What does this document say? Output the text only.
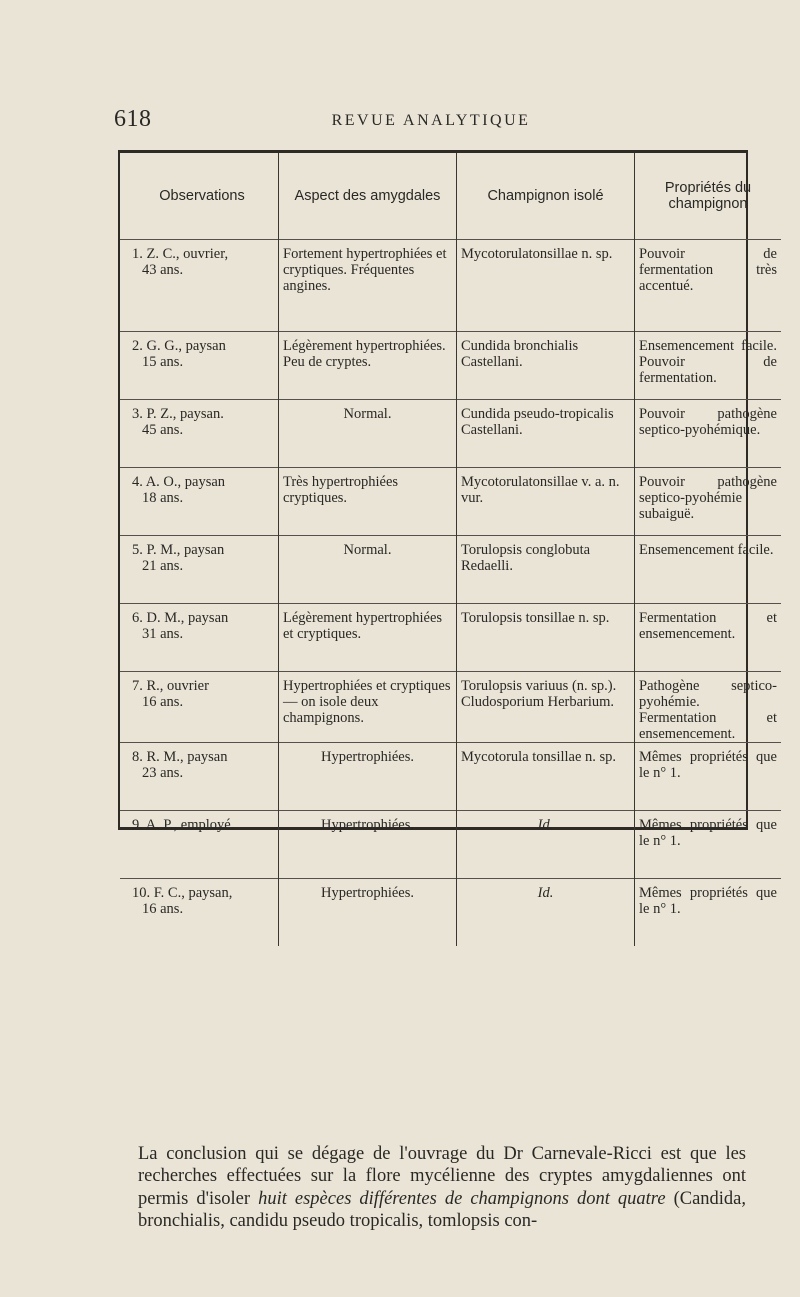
618	REVUE ANALYTIQUE
Observations	Aspect des amygdales	Champignon isolé	Propriétés du champignon
1. Z. C., ouvrier,
43 ans.	Fortement hypertrophiées et cryptiques. Fréquentes angines.	Mycotorulatonsillae n. sp.	Pouvoir de fermentation très accentué.
2. G. G., paysan
15 ans.	Légèrement hypertrophiées. Peu de cryptes.	Cundida bronchialis Castellani.	Ensemencement facile. Pouvoir de fermentation.
3. P. Z., paysan.
45 ans.	Normal.	Cundida pseudo-tropicalis Castellani.	Pouvoir pathogène septico-pyohémique.
4. A. O., paysan
18 ans.	Très hypertrophiées cryptiques.	Mycotorulatonsillae v. a. n. vur.	Pouvoir pathogène septico-pyohémie subaiguë.
5. P. M., paysan
21 ans.	Normal.	Torulopsis conglobuta Redaelli.	Ensemencement facile.
6. D. M., paysan
31 ans.	Légèrement hypertrophiées et cryptiques.	Torulopsis tonsillae n. sp.	Fermentation et ensemencement.
7. R., ouvrier
16 ans.	Hypertrophiées et cryptiques — on isole deux champignons.	Torulopsis variuus (n. sp.). Cludosporium Herbarium.	Pathogène septico-pyohémie. Fermentation et ensemencement.
8. R. M., paysan
23 ans.	Hypertrophiées.	Mycotorula tonsillae n. sp.	Mêmes propriétés que le n° 1.
9. A. P., employé.	Hypertrophiées.	Id.	Mêmes propriétés que le n° 1.
10. F. C., paysan,
16 ans.	Hypertrophiées.	Id.	Mêmes propriétés que le n° 1.

La conclusion qui se dégage de l'ouvrage du Dr Carnevale-Ricci est que les recherches effectuées sur la flore mycélienne des cryptes amygdaliennes ont permis d'isoler huit espèces différentes de champignons dont quatre (Candida, bronchialis, candidu pseudo tropicalis, tomlopsis con-
